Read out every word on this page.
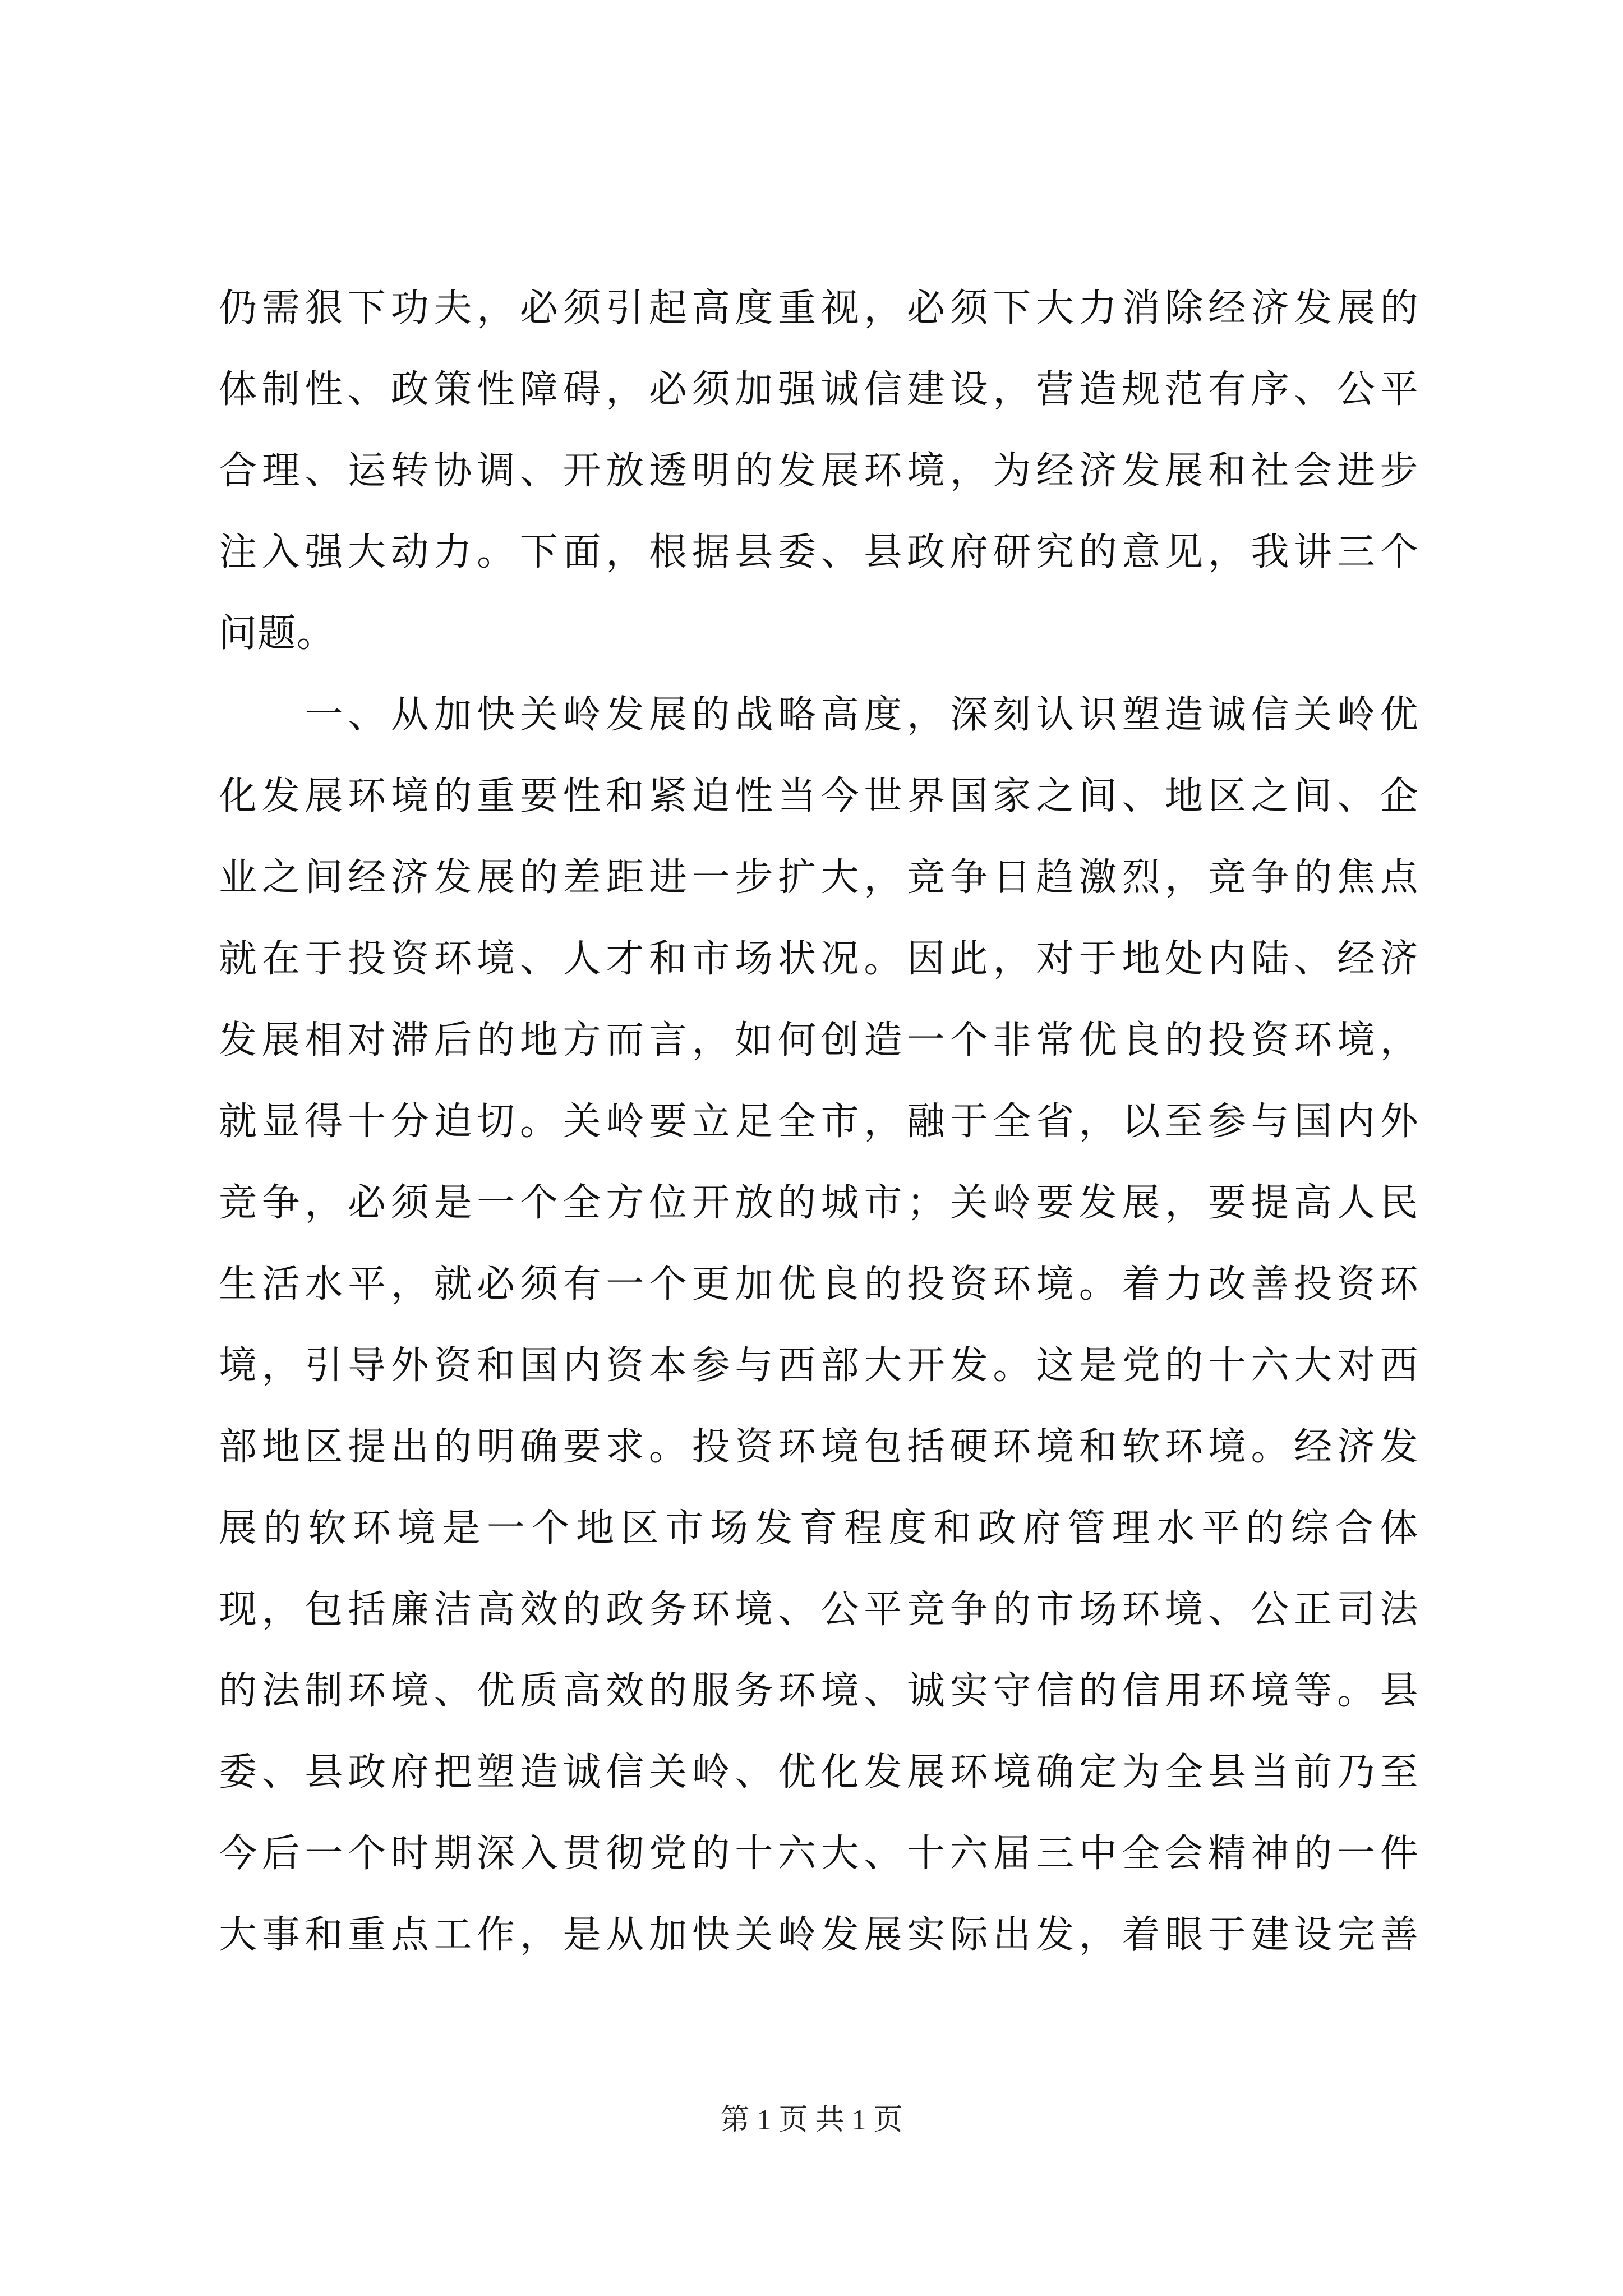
仍需狠下功夫，必须引起高度重视，必须下大力消除经济发展的
体制性、政策性障碍，必须加强诚信建设，营造规范有序、公平
合理、运转协调、开放透明的发展环境，为经济发展和社会进步
注入强大动力。下面，根据县委、县政府研究的意见，我讲三个
问题。
　　一、从加快关岭发展的战略高度，深刻认识塑造诚信关岭优
化发展环境的重要性和紧迫性当今世界国家之间、地区之间、企
业之间经济发展的差距进一步扩大，竞争日趋激烈，竞争的焦点
就在于投资环境、人才和市场状况。因此，对于地处内陆、经济
发展相对滞后的地方而言，如何创造一个非常优良的投资环境，
就显得十分迫切。关岭要立足全市，融于全省，以至参与国内外
竞争，必须是一个全方位开放的城市；关岭要发展，要提高人民
生活水平，就必须有一个更加优良的投资环境。着力改善投资环
境，引导外资和国内资本参与西部大开发。这是党的十六大对西
部地区提出的明确要求。投资环境包括硬环境和软环境。经济发
展的软环境是一个地区市场发育程度和政府管理水平的综合体
现，包括廉洁高效的政务环境、公平竞争的市场环境、公正司法
的法制环境、优质高效的服务环境、诚实守信的信用环境等。县
委、县政府把塑造诚信关岭、优化发展环境确定为全县当前乃至
今后一个时期深入贯彻党的十六大、十六届三中全会精神的一件
大事和重点工作，是从加快关岭发展实际出发，着眼于建设完善
第 1 页 共 1 页
